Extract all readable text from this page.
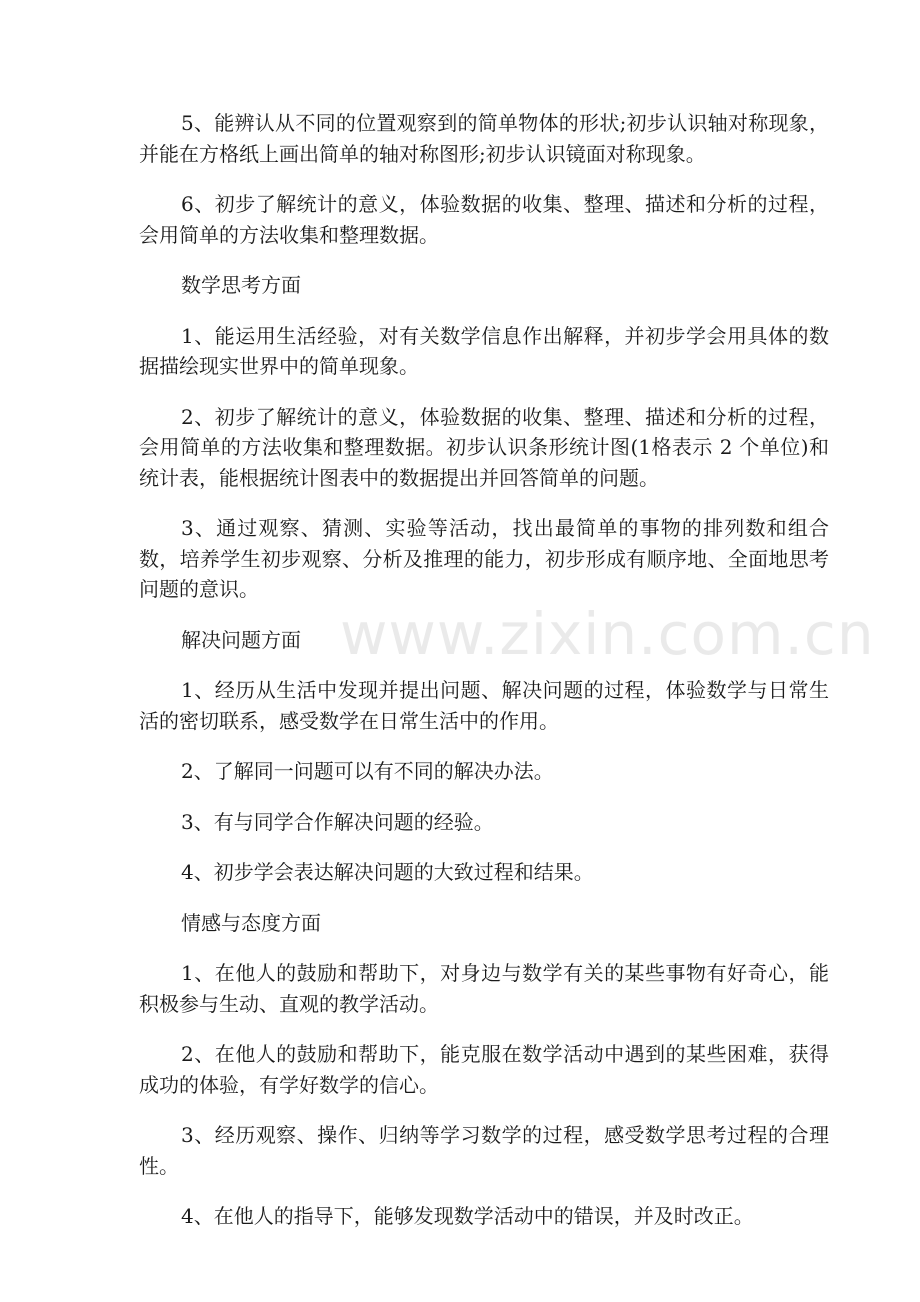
www.zixin.com.cn

5、能辨认从不同的位置观察到的简单物体的形状;初步认识轴对称现象，并能在方格纸上画出简单的轴对称图形;初步认识镜面对称现象。

6、初步了解统计的意义，体验数据的收集、整理、描述和分析的过程，会用简单的方法收集和整理数据。

数学思考方面

1、能运用生活经验，对有关数学信息作出解释，并初步学会用具体的数据描绘现实世界中的简单现象。

2、初步了解统计的意义，体验数据的收集、整理、描述和分析的过程，会用简单的方法收集和整理数据。初步认识条形统计图(1格表示 2 个单位)和统计表，能根据统计图表中的数据提出并回答简单的问题。

3、通过观察、猜测、实验等活动，找出最简单的事物的排列数和组合数，培养学生初步观察、分析及推理的能力，初步形成有顺序地、全面地思考问题的意识。

解决问题方面

1、经历从生活中发现并提出问题、解决问题的过程，体验数学与日常生活的密切联系，感受数学在日常生活中的作用。

2、了解同一问题可以有不同的解决办法。

3、有与同学合作解决问题的经验。

4、初步学会表达解决问题的大致过程和结果。

情感与态度方面

1、在他人的鼓励和帮助下，对身边与数学有关的某些事物有好奇心，能积极参与生动、直观的教学活动。

2、在他人的鼓励和帮助下，能克服在数学活动中遇到的某些困难，获得成功的体验，有学好数学的信心。

3、经历观察、操作、归纳等学习数学的过程，感受数学思考过程的合理性。

4、在他人的指导下，能够发现数学活动中的错误，并及时改正。
